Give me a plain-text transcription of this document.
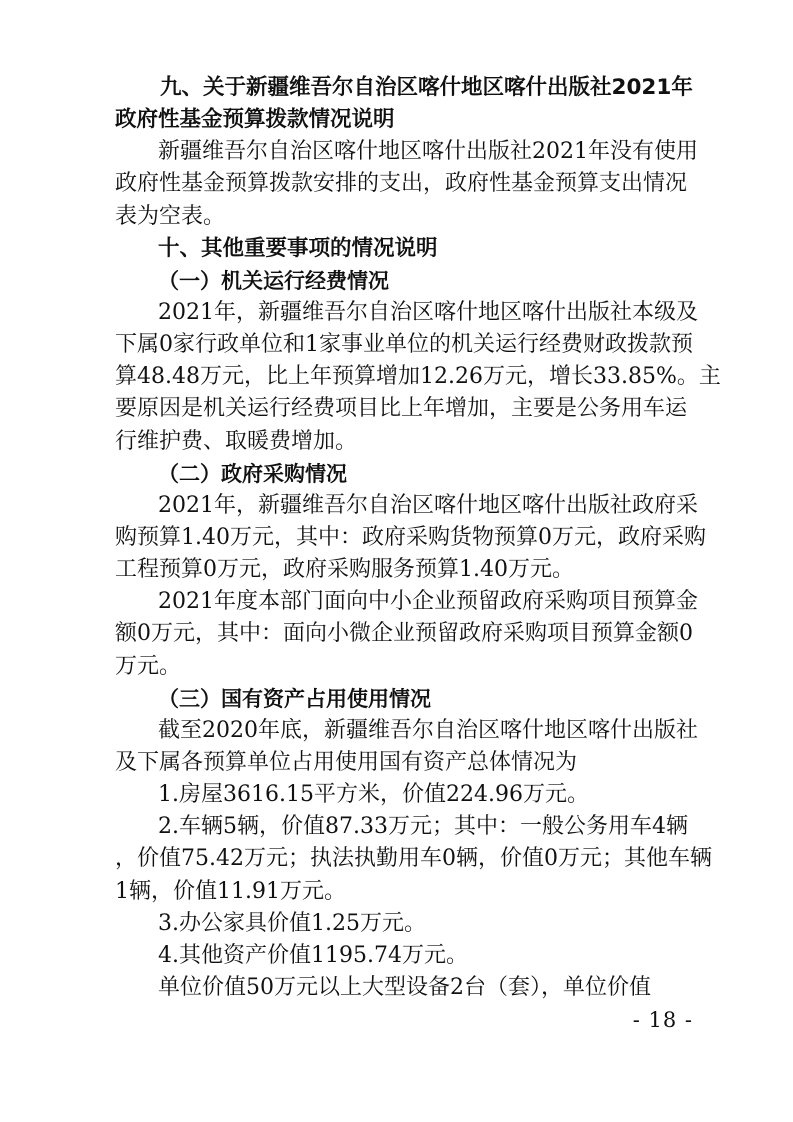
九、关于新疆维吾尔自治区喀什地区喀什出版社2021年
政府性基金预算拨款情况说明
新疆维吾尔自治区喀什地区喀什出版社2021年没有使用
政府性基金预算拨款安排的支出，政府性基金预算支出情况
表为空表。
十、其他重要事项的情况说明
（一）机关运行经费情况
2021年，新疆维吾尔自治区喀什地区喀什出版社本级及
下属0家行政单位和1家事业单位的机关运行经费财政拨款预
算48.48万元，比上年预算增加12.26万元，增长33.85%。主
要原因是机关运行经费项目比上年增加，主要是公务用车运
行维护费、取暖费增加。
（二）政府采购情况
2021年，新疆维吾尔自治区喀什地区喀什出版社政府采
购预算1.40万元，其中：政府采购货物预算0万元，政府采购
工程预算0万元，政府采购服务预算1.40万元。
2021年度本部门面向中小企业预留政府采购项目预算金
额0万元，其中：面向小微企业预留政府采购项目预算金额0
万元。
（三）国有资产占用使用情况
截至2020年底，新疆维吾尔自治区喀什地区喀什出版社
及下属各预算单位占用使用国有资产总体情况为
1.房屋3616.15平方米，价值224.96万元。
2.车辆5辆，价值87.33万元；其中：一般公务用车4辆
，价值75.42万元；执法执勤用车0辆，价值0万元；其他车辆
1辆，价值11.91万元。
3.办公家具价值1.25万元。
4.其他资产价值1195.74万元。
单位价值50万元以上大型设备2台（套），单位价值
- 18 -
